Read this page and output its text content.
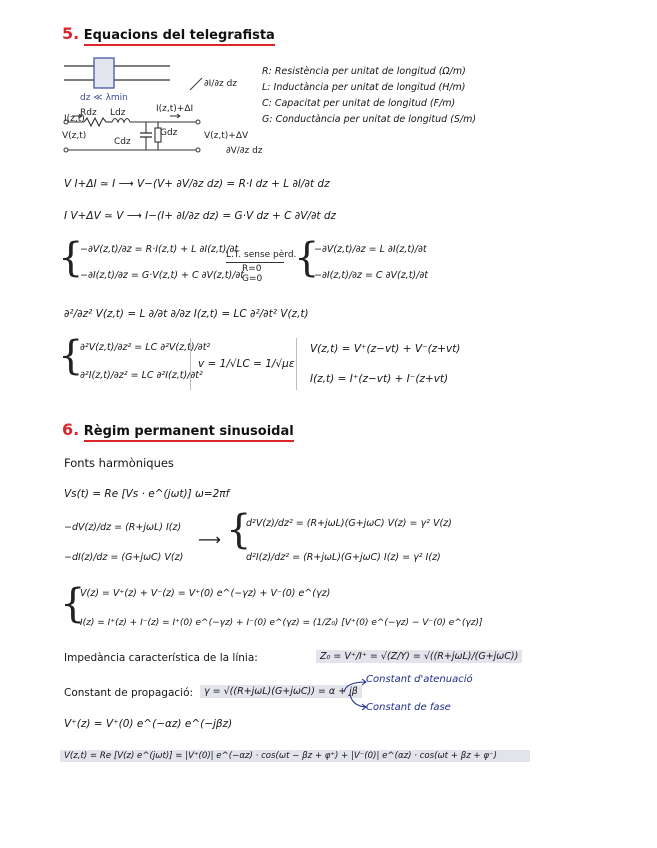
5. Equacions del telegrafista
dz ≪ λmin
Rdz Ldz
Cdz
Gdz
V(z,t)	V(z,t)+ΔV
I(z,t)
I(z,t)+ΔI
∂I/∂z dz
∂V/∂z dz
R: Resistència per unitat de longitud (Ω/m)
L: Inductància per unitat de longitud (H/m)
C: Capacitat per unitat de longitud (F/m)
G: Conductància per unitat de longitud (S/m)
V I+ΔI ≃ I ⟶ V−(V+ ∂V/∂z dz) = R·I dz + L ∂I/∂t dz
I V+ΔV ≃ V ⟶ I−(I+ ∂I/∂z dz) = G·V dz + C ∂V/∂t dz
{
−∂V(z,t)/∂z = R·I(z,t) + L ∂I(z,t)/∂t
−∂I(z,t)/∂z = G·V(z,t) + C ∂V(z,t)/∂t
L.T. sense pèrd.
R=0
G=0 {
−∂V(z,t)/∂z = L ∂I(z,t)/∂t
−∂I(z,t)/∂z = C ∂V(z,t)/∂t
∂²/∂z² V(z,t) = L ∂/∂t ∂/∂z I(z,t) = LC ∂²/∂t² V(z,t)
{
∂²V(z,t)/∂z² = LC ∂²V(z,t)/∂t²
∂²I(z,t)/∂z² = LC ∂²I(z,t)/∂t²
v = 1/√LC = 1/√με
V(z,t) = V⁺(z−vt) + V⁻(z+vt)
I(z,t) = I⁺(z−vt) + I⁻(z+vt)
6. Règim permanent sinusoidal
Fonts harmòniques
Vs(t) = Re [Vs · e^(jωt)] ω=2πf
−dV(z)/dz = (R+jωL) I(z)
−dI(z)/dz = (G+jωC) V(z)
⟶ {
d²V(z)/dz² = (R+jωL)(G+jωC) V(z) = γ² V(z)
d²I(z)/dz² = (R+jωL)(G+jωC) I(z) = γ² I(z)
{
V(z) = V⁺(z) + V⁻(z) = V⁺(0) e^(−γz) + V⁻(0) e^(γz)
I(z) = I⁺(z) + I⁻(z) = I⁺(0) e^(−γz) + I⁻(0) e^(γz) = (1/Z₀) [V⁺(0) e^(−γz) − V⁻(0) e^(γz)]
Impedància característica de la línia:	Z₀ = V⁺/I⁺ = √(Z/Y) = √((R+jωL)/(G+jωC))
Constant de propagació:	γ = √((R+jωL)(G+jωC)) = α + jβ
Constant d'atenuació
Constant de fase
V⁺(z) = V⁺(0) e^(−αz) e^(−jβz)
V(z,t) = Re [V(z) e^(jωt)] = |V⁺(0)| e^(−αz) · cos(ωt − βz + φ⁺) + |V⁻(0)| e^(αz) · cos(ωt + βz + φ⁻)
